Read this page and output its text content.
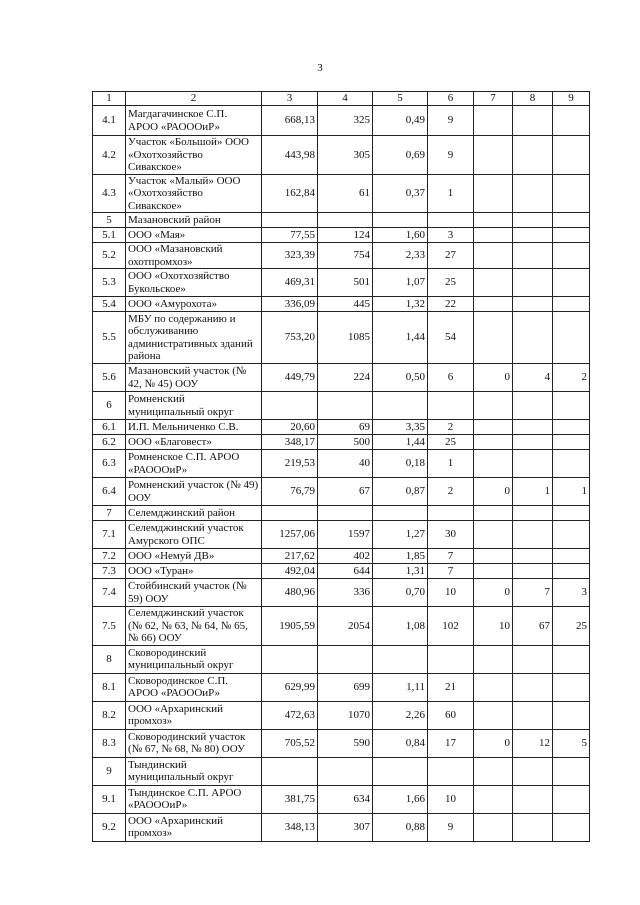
3
1	2	3	4	5	6	7	8	9
4.1	Магдагачинское С.П. АРОО «РАОООиР»	668,13	325	0,49	9			
4.2	Участок «Большой» ООО «Охотхозяйство Сивакское»	443,98	305	0,69	9			
4.3	Участок «Малый» ООО «Охотхозяйство Сивакское»	162,84	61	0,37	1			
5	Мазановский район							
5.1	ООО «Мая»	77,55	124	1,60	3			
5.2	ООО «Мазановский охотпромхоз»	323,39	754	2,33	27			
5.3	ООО «Охотхозяйство Букольское»	469,31	501	1,07	25			
5.4	ООО «Амурохота»	336,09	445	1,32	22			
5.5	МБУ по содержанию и обслуживанию административных зданий района	753,20	1085	1,44	54			
5.6	Мазановский участок (№ 42, № 45) ООУ	449,79	224	0,50	6	0	4	2
6	Ромненский муниципальный округ							
6.1	И.П. Мельниченко С.В.	20,60	69	3,35	2			
6.2	ООО «Благовест»	348,17	500	1,44	25			
6.3	Ромненское С.П. АРОО «РАОООиР»	219,53	40	0,18	1			
6.4	Ромненский участок (№ 49) ООУ	76,79	67	0,87	2	0	1	1
7	Селемджинский район							
7.1	Селемджинский участок Амурского ОПС	1257,06	1597	1,27	30			
7.2	ООО «Немуй ДВ»	217,62	402	1,85	7			
7.3	ООО «Туран»	492,04	644	1,31	7			
7.4	Стойбинский участок (№ 59) ООУ	480,96	336	0,70	10	0	7	3
7.5	Селемджинский участок (№ 62, № 63, № 64, № 65, № 66) ООУ	1905,59	2054	1,08	102	10	67	25
8	Сковородинский муниципальный округ							
8.1	Сковородинское С.П. АРОО «РАОООиР»	629,99	699	1,11	21			
8.2	ООО «Архаринский промхоз»	472,63	1070	2,26	60			
8.3	Сковородинский участок (№ 67, № 68, № 80) ООУ	705,52	590	0,84	17	0	12	5
9	Тындинский муниципальный округ							
9.1	Тындинское С.П. АРОО «РАОООиР»	381,75	634	1,66	10			
9.2	ООО «Архаринский промхоз»	348,13	307	0,88	9			
